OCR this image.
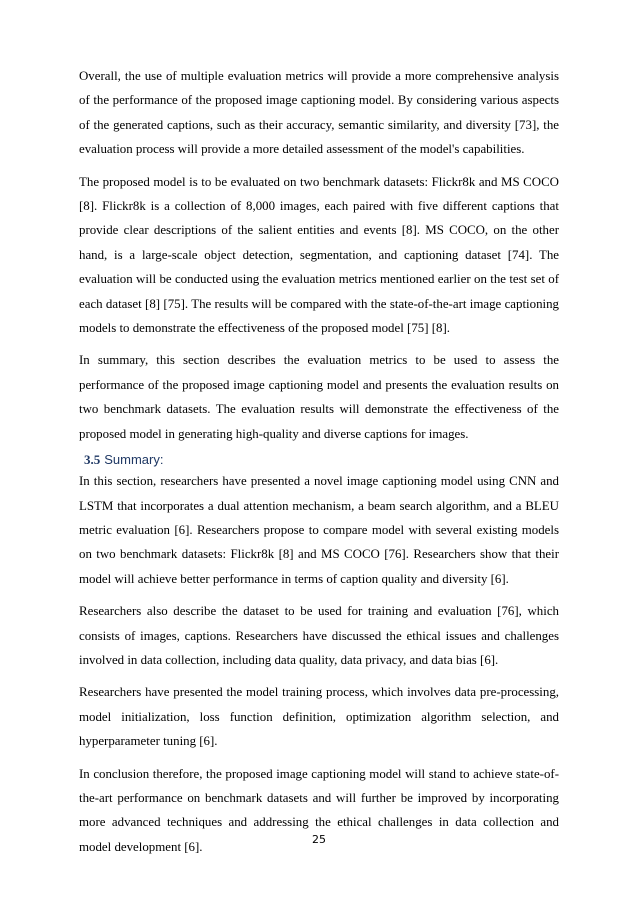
Overall, the use of multiple evaluation metrics will provide a more comprehensive analysis of the performance of the proposed image captioning model. By considering various aspects of the generated captions, such as their accuracy, semantic similarity, and diversity [73], the evaluation process will provide a more detailed assessment of the model's capabilities.

The proposed model is to be evaluated on two benchmark datasets: Flickr8k and MS COCO [8]. Flickr8k is a collection of 8,000 images, each paired with five different captions that provide clear descriptions of the salient entities and events [8]. MS COCO, on the other hand, is a large-scale object detection, segmentation, and captioning dataset [74]. The evaluation will be conducted using the evaluation metrics mentioned earlier on the test set of each dataset [8] [75]. The results will be compared with the state-of-the-art image captioning models to demonstrate the effectiveness of the proposed model [75] [8].

In summary, this section describes the evaluation metrics to be used to assess the performance of the proposed image captioning model and presents the evaluation results on two benchmark datasets. The evaluation results will demonstrate the effectiveness of the proposed model in generating high-quality and diverse captions for images.

3.5 Summary:

In this section, researchers have presented a novel image captioning model using CNN and LSTM that incorporates a dual attention mechanism, a beam search algorithm, and a BLEU metric evaluation [6]. Researchers propose to compare model with several existing models on two benchmark datasets: Flickr8k [8] and MS COCO [76]. Researchers show that their model will achieve better performance in terms of caption quality and diversity [6].

Researchers also describe the dataset to be used for training and evaluation [76], which consists of images, captions. Researchers have discussed the ethical issues and challenges involved in data collection, including data quality, data privacy, and data bias [6].

Researchers have presented the model training process, which involves data pre-processing, model initialization, loss function definition, optimization algorithm selection, and hyperparameter tuning [6].

In conclusion therefore, the proposed image captioning model will stand to achieve state-of-the-art performance on benchmark datasets and will further be improved by incorporating more advanced techniques and addressing the ethical challenges in data collection and model development [6].

25
